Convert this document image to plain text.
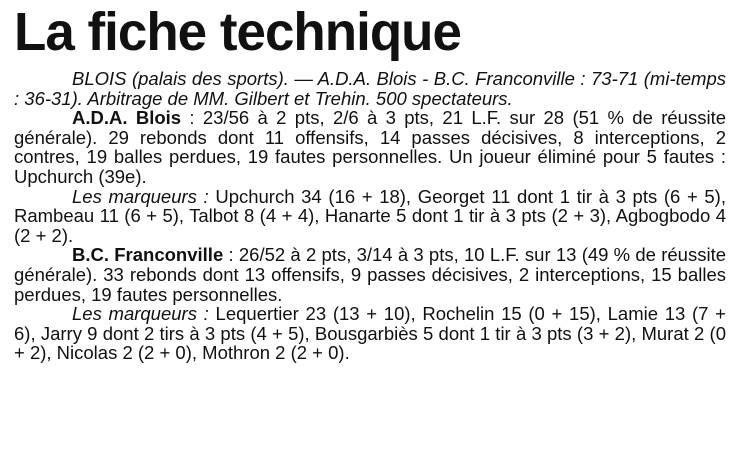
La fiche technique

BLOIS (palais des sports). — A.D.A. Blois - B.C. Franconville : 73-71 (mi-temps : 36-31). Arbitrage de MM. Gilbert et Trehin. 500 spectateurs.

A.D.A. Blois : 23/56 à 2 pts, 2/6 à 3 pts, 21 L.F. sur 28 (51 % de réussite générale). 29 rebonds dont 11 offensifs, 14 passes décisives, 8 interceptions, 2 contres, 19 balles perdues, 19 fautes personnelles. Un joueur éliminé pour 5 fautes : Upchurch (39e).

Les marqueurs : Upchurch 34 (16 + 18), Georget 11 dont 1 tir à 3 pts (6 + 5), Rambeau 11 (6 + 5), Talbot 8 (4 + 4), Hanarte 5 dont 1 tir à 3 pts (2 + 3), Agbogbodo 4 (2 + 2).

B.C. Franconville : 26/52 à 2 pts, 3/14 à 3 pts, 10 L.F. sur 13 (49 % de réussite générale). 33 rebonds dont 13 offensifs, 9 passes décisives, 2 interceptions, 15 balles perdues, 19 fautes personnelles.

Les marqueurs : Lequertier 23 (13 + 10), Rochelin 15 (0 + 15), Lamie 13 (7 + 6), Jarry 9 dont 2 tirs à 3 pts (4 + 5), Bousgarbiès 5 dont 1 tir à 3 pts (3 + 2), Murat 2 (0 + 2), Nicolas 2 (2 + 0), Mothron 2 (2 + 0).
